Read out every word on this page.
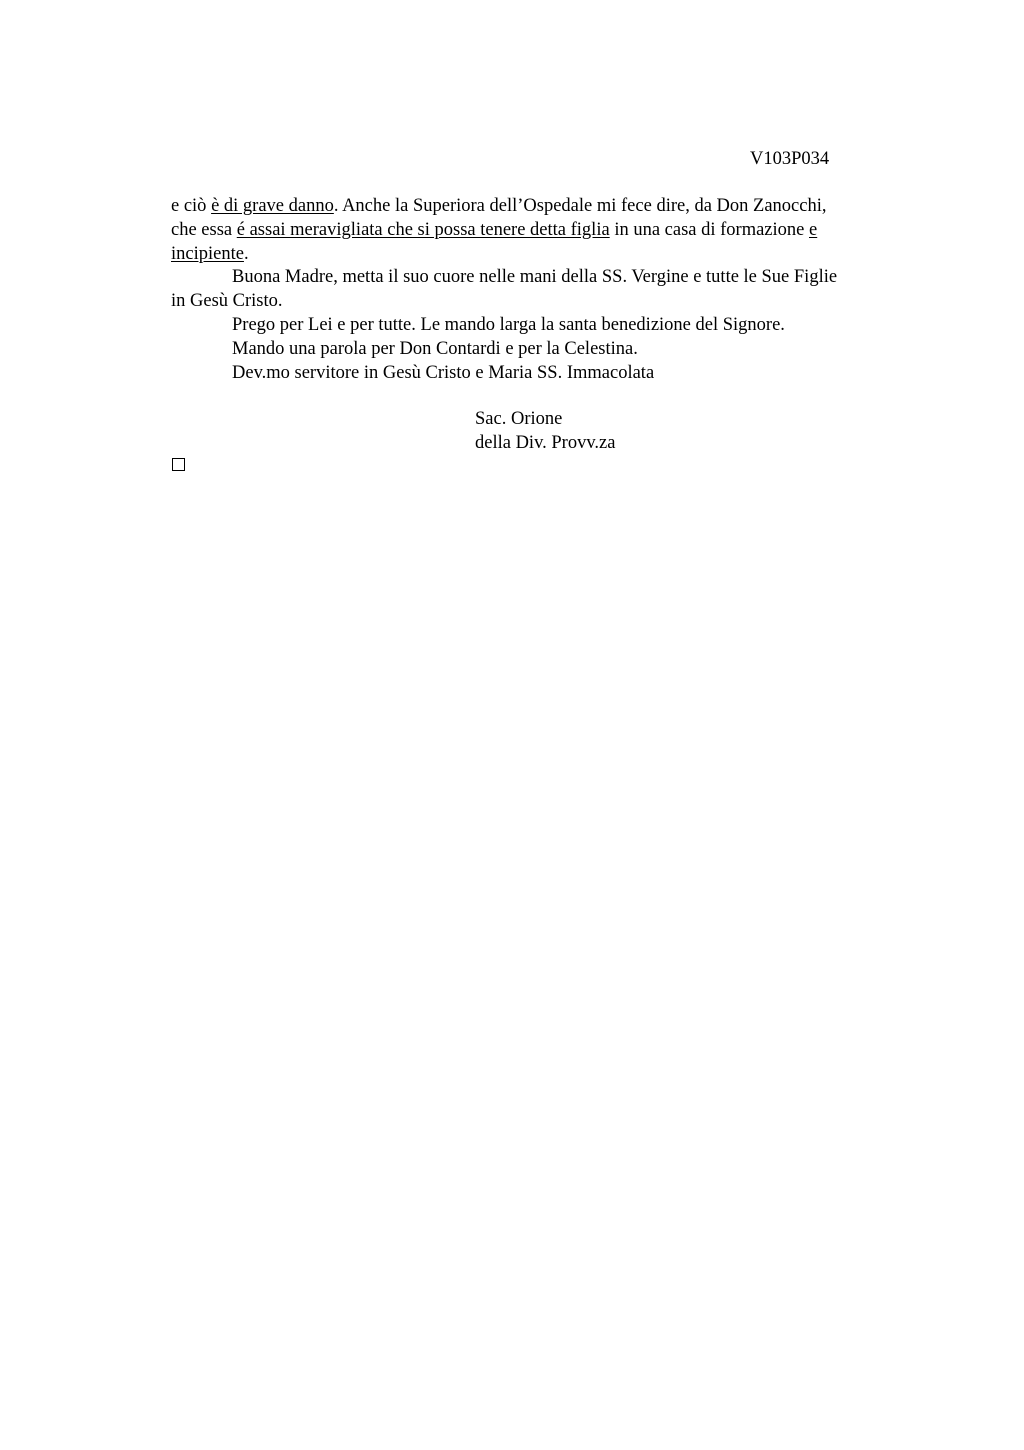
V103P034
e ciò è di grave danno. Anche la Superiora dell’Ospedale mi fece dire, da Don Zanocchi,
che essa é assai meravigliata che si possa tenere detta figlia in una casa di formazione e
incipiente.
Buona Madre, metta il suo cuore nelle mani della SS. Vergine e tutte le Sue Figlie
in Gesù Cristo.
Prego per Lei e per tutte. Le mando larga la santa benedizione del Signore.
Mando una parola per Don Contardi e per la Celestina.
Dev.mo servitore in Gesù Cristo e Maria SS. Immacolata
Sac. Orione
della Div. Provv.za
